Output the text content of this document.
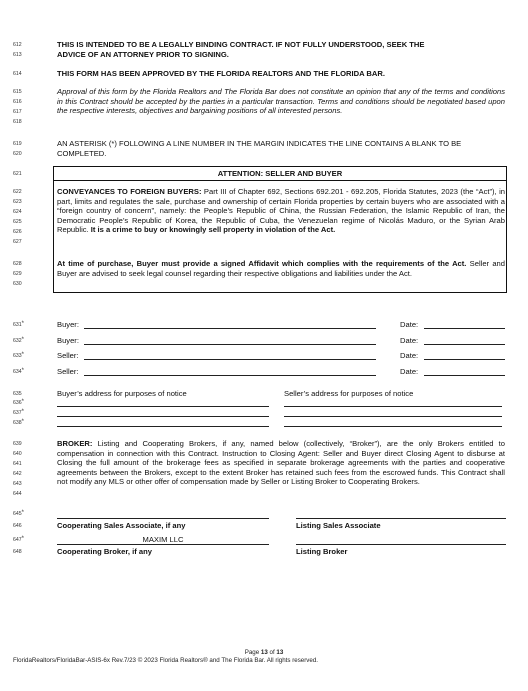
612
613
614
615
616
617
618
619
620
621
622
623
624
625
626
627
628
629
630
631*
632*
633*
634*
635
636*
637*
638*
639
640
641
642
643
644
645*
646
647*
648
THIS IS INTENDED TO BE A LEGALLY BINDING CONTRACT. IF NOT FULLY UNDERSTOOD, SEEK THE
ADVICE OF AN ATTORNEY PRIOR TO SIGNING.
THIS FORM HAS BEEN APPROVED BY THE FLORIDA REALTORS AND THE FLORIDA BAR.
Approval of this form by the Florida Realtors and The Florida Bar does not constitute an opinion that any of the terms and conditions in this Contract should be accepted by the parties in a particular transaction. Terms and conditions should be negotiated based upon the respective interests, objectives and bargaining positions of all interested persons.
AN ASTERISK (*) FOLLOWING A LINE NUMBER IN THE MARGIN INDICATES THE LINE CONTAINS A BLANK TO BE COMPLETED.
ATTENTION: SELLER AND BUYER
CONVEYANCES TO FOREIGN BUYERS: Part III of Chapter 692, Sections 692.201 - 692.205, Florida Statutes, 2023 (the “Act”), in part, limits and regulates the sale, purchase and ownership of certain Florida properties by certain buyers who are associated with a “foreign country of concern”, namely: the People’s Republic of China, the Russian Federation, the Islamic Republic of Iran, the Democratic People’s Republic of Korea, the Republic of Cuba, the Venezuelan regime of Nicolás Maduro, or the Syrian Arab Republic. It is a crime to buy or knowingly sell property in violation of the Act.
At time of purchase, Buyer must provide a signed Affidavit which complies with the requirements of the Act. Seller and Buyer are advised to seek legal counsel regarding their respective obligations and liabilities under the Act.
Buyer:	Date:
Buyer:	Date:
Seller:	Date:
Seller:	Date:
Buyer’s address for purposes of notice	Seller’s address for purposes of notice
BROKER: Listing and Cooperating Brokers, if any, named below (collectively, “Broker”), are the only Brokers entitled to compensation in connection with this Contract. Instruction to Closing Agent: Seller and Buyer direct Closing Agent to disburse at Closing the full amount of the brokerage fees as specified in separate brokerage agreements with the parties and cooperative agreements between the Brokers, except to the extent Broker has retained such fees from the escrowed funds. This Contract shall not modify any MLS or other offer of compensation made by Seller or Listing Broker to Cooperating Brokers.
Cooperating Sales Associate, if any	Listing Sales Associate
MAXIM LLC
Cooperating Broker, if any	Listing Broker
Page 13 of 13
FloridaRealtors/FloridaBar-ASIS-6x Rev.7/23 © 2023 Florida Realtors® and The Florida Bar. All rights reserved.
